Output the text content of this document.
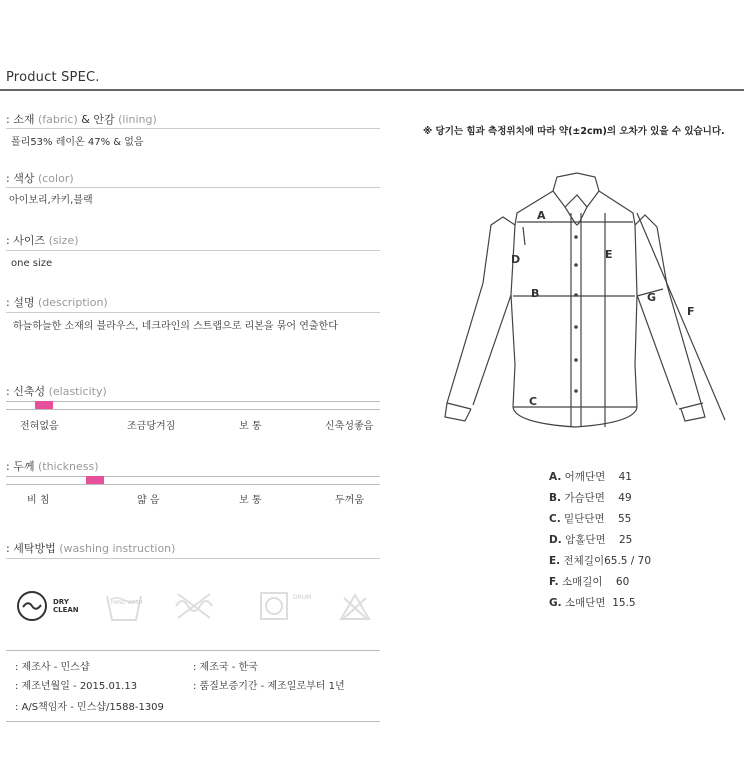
Product SPEC.
: 소재 (fabric) & 안감 (lining)
폴리53% 레이온 47% & 없음
: 색상 (color)
아이보리,카키,블랙
: 사이즈 (size)
one size
: 설명 (description)
하늘하늘한 소재의 블라우스, 네크라인의 스트랩으로 리본을 묶어 연출한다
: 신축성 (elasticity)
전혀없음	조금당겨짐	보 통	신축성좋음
: 두께 (thickness)
비 침	얇 음	보 통	두꺼움
: 세탁방법 (washing instruction)
DRY
CLEAN
HAND WASH
DRUM
: 제조사 - 민스샵	: 제조국 - 한국
: 제조년월일 - 2015.01.13	: 품질보증기간 - 제조일로부터 1년
: A/S책임자 - 민스샵/1588-1309
※ 당기는 힘과 측정위치에 따라 약(±2cm)의 오차가 있을 수 있습니다.
A
B
C
D	E
F
G
A. 어깨단면 41
B. 가슴단면 49
C. 밑단단면 55
D. 암홀단면 25
E. 전체길이65.5 / 70
F. 소매길이 60
G. 소매단면 15.5
